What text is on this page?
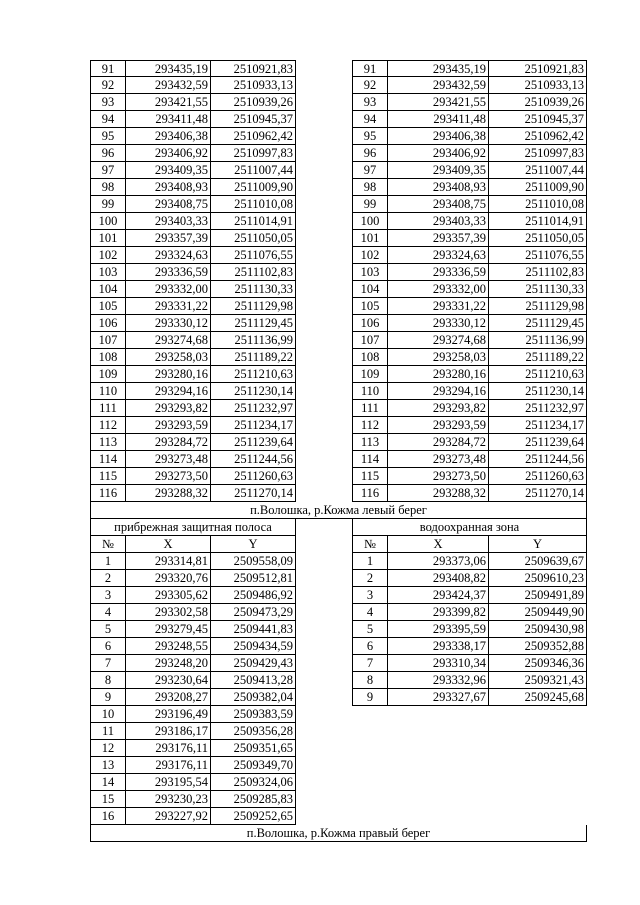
91	293435,19	2510921,83	91	293435,19	2510921,83
92	293432,59	2510933,13	92	293432,59	2510933,13
93	293421,55	2510939,26	93	293421,55	2510939,26
94	293411,48	2510945,37	94	293411,48	2510945,37
95	293406,38	2510962,42	95	293406,38	2510962,42
96	293406,92	2510997,83	96	293406,92	2510997,83
97	293409,35	2511007,44	97	293409,35	2511007,44
98	293408,93	2511009,90	98	293408,93	2511009,90
99	293408,75	2511010,08	99	293408,75	2511010,08
100	293403,33	2511014,91	100	293403,33	2511014,91
101	293357,39	2511050,05	101	293357,39	2511050,05
102	293324,63	2511076,55	102	293324,63	2511076,55
103	293336,59	2511102,83	103	293336,59	2511102,83
104	293332,00	2511130,33	104	293332,00	2511130,33
105	293331,22	2511129,98	105	293331,22	2511129,98
106	293330,12	2511129,45	106	293330,12	2511129,45
107	293274,68	2511136,99	107	293274,68	2511136,99
108	293258,03	2511189,22	108	293258,03	2511189,22
109	293280,16	2511210,63	109	293280,16	2511210,63
110	293294,16	2511230,14	110	293294,16	2511230,14
111	293293,82	2511232,97	111	293293,82	2511232,97
112	293293,59	2511234,17	112	293293,59	2511234,17
113	293284,72	2511239,64	113	293284,72	2511239,64
114	293273,48	2511244,56	114	293273,48	2511244,56
115	293273,50	2511260,63	115	293273,50	2511260,63
116	293288,32	2511270,14	116	293288,32	2511270,14
п.Волошка, р.Кожма левый берег
прибрежная защитная полоса	водоохранная зона
№	X	Y	№	X	Y
1	293314,81	2509558,09	1	293373,06	2509639,67
2	293320,76	2509512,81	2	293408,82	2509610,23
3	293305,62	2509486,92	3	293424,37	2509491,89
4	293302,58	2509473,29	4	293399,82	2509449,90
5	293279,45	2509441,83	5	293395,59	2509430,98
6	293248,55	2509434,59	6	293338,17	2509352,88
7	293248,20	2509429,43	7	293310,34	2509346,36
8	293230,64	2509413,28	8	293332,96	2509321,43
9	293208,27	2509382,04	9	293327,67	2509245,68
10	293196,49	2509383,59
11	293186,17	2509356,28
12	293176,11	2509351,65
13	293176,11	2509349,70
14	293195,54	2509324,06
15	293230,23	2509285,83
16	293227,92	2509252,65
п.Волошка, р.Кожма правый берег
